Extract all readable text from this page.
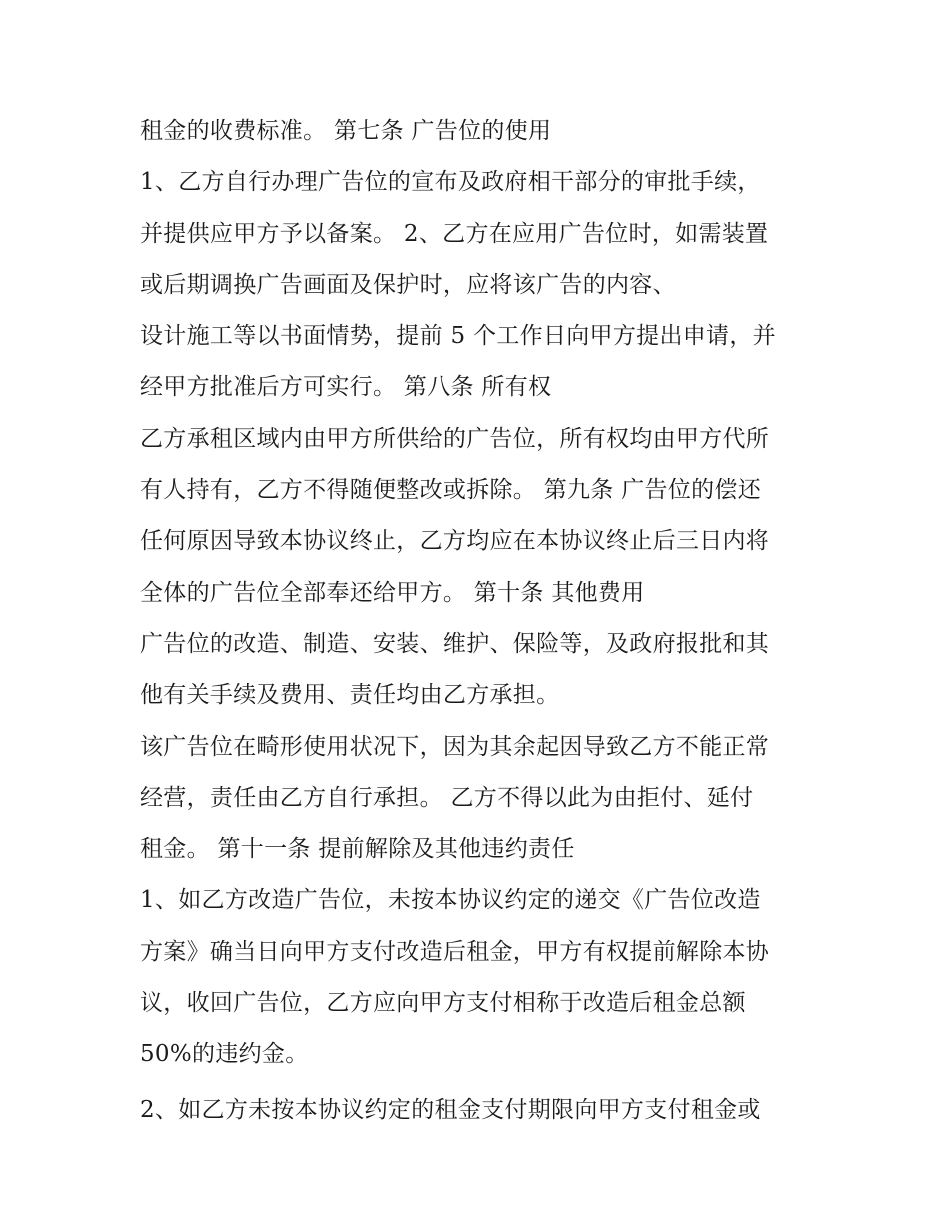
租金的收费标准。 第七条 广告位的使用
1、乙方自行办理广告位的宣布及政府相干部分的审批手续，
并提供应甲方予以备案。 2、乙方在应用广告位时，如需装置
或后期调换广告画面及保护时，应将该广告的内容、
设计施工等以书面情势，提前 5 个工作日向甲方提出申请，并
经甲方批准后方可实行。 第八条 所有权
乙方承租区域内由甲方所供给的广告位，所有权均由甲方代所
有人持有，乙方不得随便整改或拆除。 第九条 广告位的偿还
任何原因导致本协议终止，乙方均应在本协议终止后三日内将
全体的广告位全部奉还给甲方。 第十条 其他费用
广告位的改造、制造、安装、维护、保险等，及政府报批和其
他有关手续及费用、责任均由乙方承担。
该广告位在畸形使用状况下，因为其余起因导致乙方不能正常
经营，责任由乙方自行承担。 乙方不得以此为由拒付、延付
租金。 第十一条 提前解除及其他违约责任
1、如乙方改造广告位，未按本协议约定的递交《广告位改造
方案》确当日向甲方支付改造后租金，甲方有权提前解除本协
议，收回广告位，乙方应向甲方支付相称于改造后租金总额
50%的违约金。
2、如乙方未按本协议约定的租金支付期限向甲方支付租金或
